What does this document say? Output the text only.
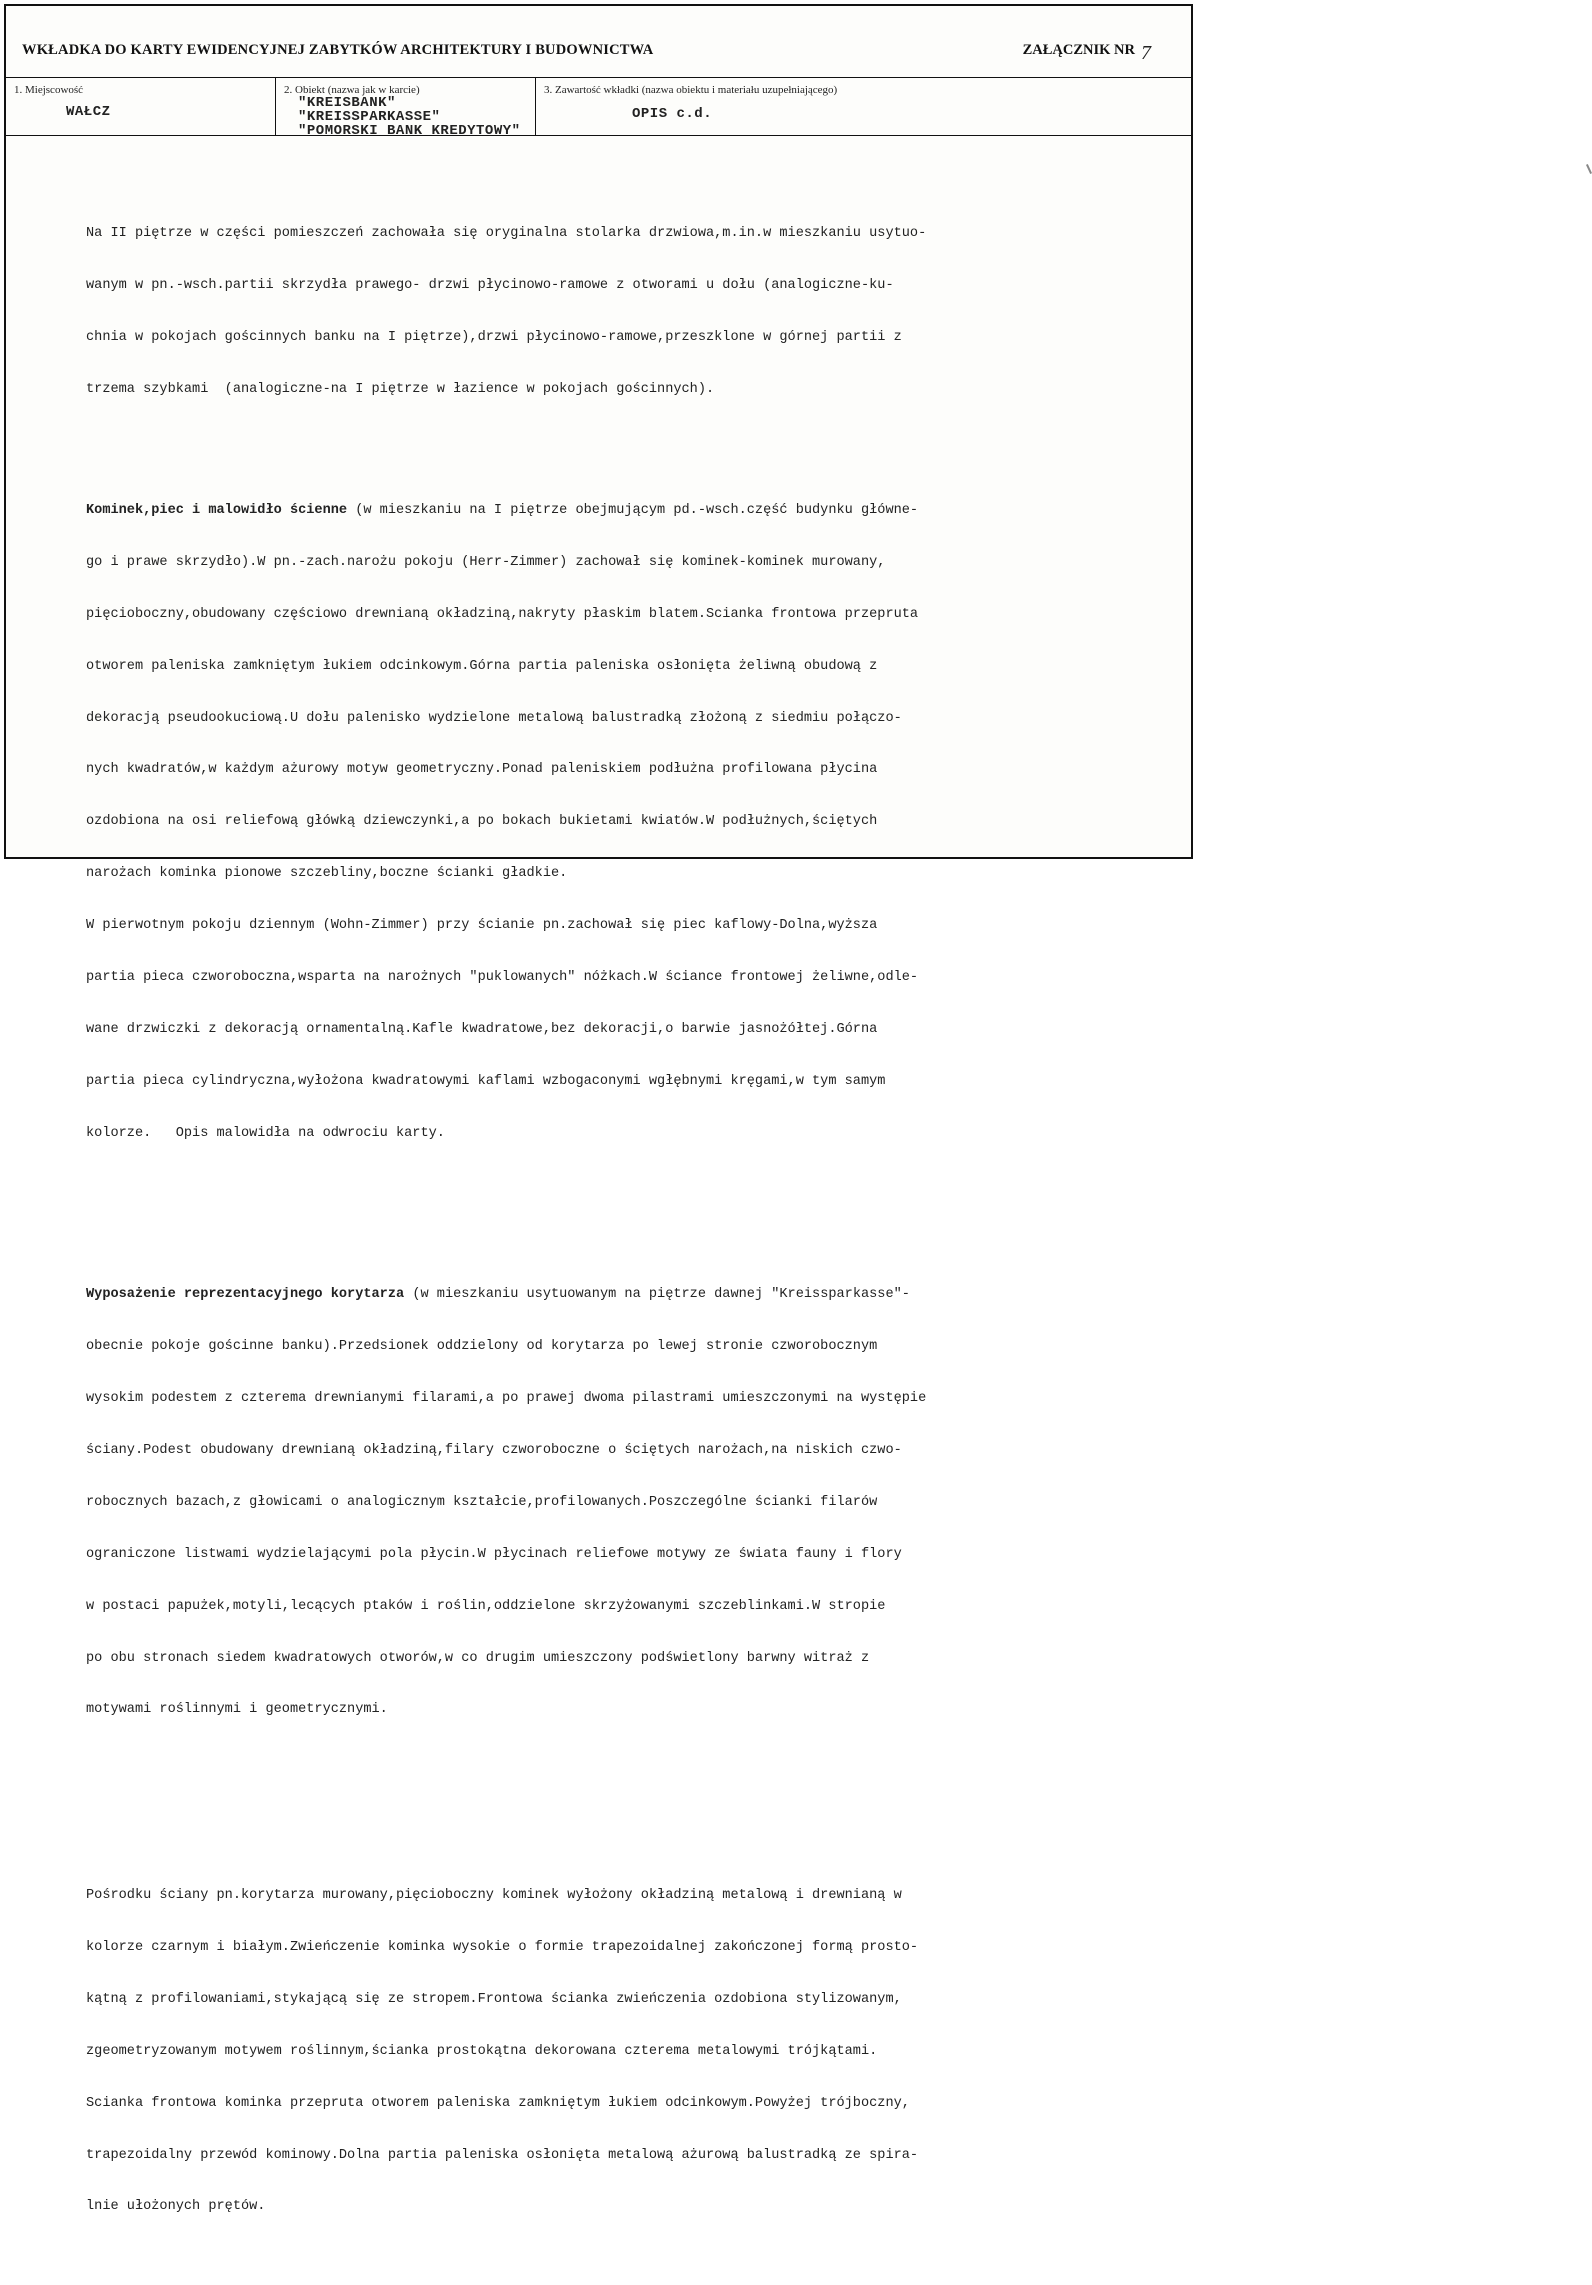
WKŁADKA DO KARTY EWIDENCYJNEJ ZABYTKÓW ARCHITEKTURY I BUDOWNICTWA	ZAŁĄCZNIK NR 7
1. Miejscowość
WAŁCZ
2. Obiekt (nazwa jak w karcie)
"KREISBANK"
"KREISSPARKASSE"
"POMORSKI BANK KREDYTOWY"
3. Zawartość wkładki (nazwa obiektu i materiału uzupełniającego)
OPIS c.d.

Na II piętrze w części pomieszczeń zachowała się oryginalna stolarka drzwiowa,m.in.w mieszkaniu usytuo-

wanym w pn.-wsch.partii skrzydła prawego- drzwi płycinowo-ramowe z otworami u dołu (analogiczne-ku-

chnia w pokojach gościnnych banku na I piętrze),drzwi płycinowo-ramowe,przeszklone w górnej partii z

trzema szybkami  (analogiczne-na I piętrze w łazience w pokojach gościnnych).

Kominek,piec i malowidło ścienne (w mieszkaniu na I piętrze obejmującym pd.-wsch.część budynku główne-

go i prawe skrzydło).W pn.-zach.narożu pokoju (Herr-Zimmer) zachował się kominek-kominek murowany,

pięcioboczny,obudowany częściowo drewnianą okładziną,nakryty płaskim blatem.Scianka frontowa przepruta

otworem paleniska zamkniętym łukiem odcinkowym.Górna partia paleniska osłonięta żeliwną obudową z

dekoracją pseudookuciową.U dołu palenisko wydzielone metalową balustradką złożoną z siedmiu połączo-

nych kwadratów,w każdym ażurowy motyw geometryczny.Ponad paleniskiem podłużna profilowana płycina

ozdobiona na osi reliefową główką dziewczynki,a po bokach bukietami kwiatów.W podłużnych,ściętych

narożach kominka pionowe szczebliny,boczne ścianki gładkie.

W pierwotnym pokoju dziennym (Wohn-Zimmer) przy ścianie pn.zachował się piec kaflowy-Dolna,wyższa

partia pieca czworoboczna,wsparta na narożnych "puklowanych" nóżkach.W ściance frontowej żeliwne,odle-

wane drzwiczki z dekoracją ornamentalną.Kafle kwadratowe,bez dekoracji,o barwie jasnożółtej.Górna

partia pieca cylindryczna,wyłożona kwadratowymi kaflami wzbogaconymi wgłębnymi kręgami,w tym samym

kolorze.   Opis malowidła na odwrociu karty.

Wyposażenie reprezentacyjnego korytarza (w mieszkaniu usytuowanym na piętrze dawnej "Kreissparkasse"-

obecnie pokoje gościnne banku).Przedsionek oddzielony od korytarza po lewej stronie czworobocznym

wysokim podestem z czterema drewnianymi filarami,a po prawej dwoma pilastrami umieszczonymi na występie

ściany.Podest obudowany drewnianą okładziną,filary czworoboczne o ściętych narożach,na niskich czwo-

robocznych bazach,z głowicami o analogicznym kształcie,profilowanych.Poszczególne ścianki filarów

ograniczone listwami wydzielającymi pola płycin.W płycinach reliefowe motywy ze świata fauny i flory

w postaci papużek,motyli,lecących ptaków i roślin,oddzielone skrzyżowanymi szczeblinkami.W stropie

po obu stronach siedem kwadratowych otworów,w co drugim umieszczony podświetlony barwny witraż z

motywami roślinnymi i geometrycznymi.

Pośrodku ściany pn.korytarza murowany,pięcioboczny kominek wyłożony okładziną metalową i drewnianą w

kolorze czarnym i białym.Zwieńczenie kominka wysokie o formie trapezoidalnej zakończonej formą prosto-

kątną z profilowaniami,stykającą się ze stropem.Frontowa ścianka zwieńczenia ozdobiona stylizowanym,

zgeometryzowanym motywem roślinnym,ścianka prostokątna dekorowana czterema metalowymi trójkątami.

Scianka frontowa kominka przepruta otworem paleniska zamkniętym łukiem odcinkowym.Powyżej trójboczny,

trapezoidalny przewód kominowy.Dolna partia paleniska osłonięta metalową ażurową balustradką ze spira-

lnie ułożonych prętów.
